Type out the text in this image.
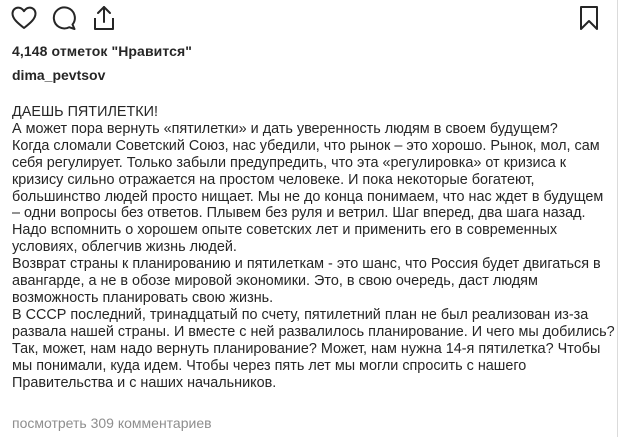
4,148 отметок "Нравится"
dima_pevtsov

ДАЕШЬ ПЯТИЛЕТКИ!

А может пора вернуть «пятилетки» и дать уверенность людям в своем будущем?

Когда сломали Советский Союз, нас убедили, что рынок – это хорошо. Рынок, мол, сам

себя регулирует. Только забыли предупредить, что эта «регулировка» от кризиса к

кризису сильно отражается на простом человеке. И пока некоторые богатеют,

большинство людей просто нищает. Мы не до конца понимаем, что нас ждет в будущем

– одни вопросы без ответов. Плывем без руля и ветрил. Шаг вперед, два шага назад.

Надо вспомнить о хорошем опыте советских лет и применить его в современных

условиях, облегчив жизнь людей.

Возврат страны к планированию и пятилеткам - это шанс, что Россия будет двигаться в

авангарде, а не в обозе мировой экономики. Это, в свою очередь, даст людям

возможность планировать свою жизнь.

В СССР последний, тринадцатый по счету, пятилетний план не был реализован из-за

развала нашей страны. И вместе с ней развалилось планирование. И чего мы добились?

Так, может, нам надо вернуть планирование? Может, нам нужна 14-я пятилетка? Чтобы

мы понимали, куда идем. Чтобы через пять лет мы могли спросить с нашего

Правительства и с наших начальников.

посмотреть 309 комментариев
